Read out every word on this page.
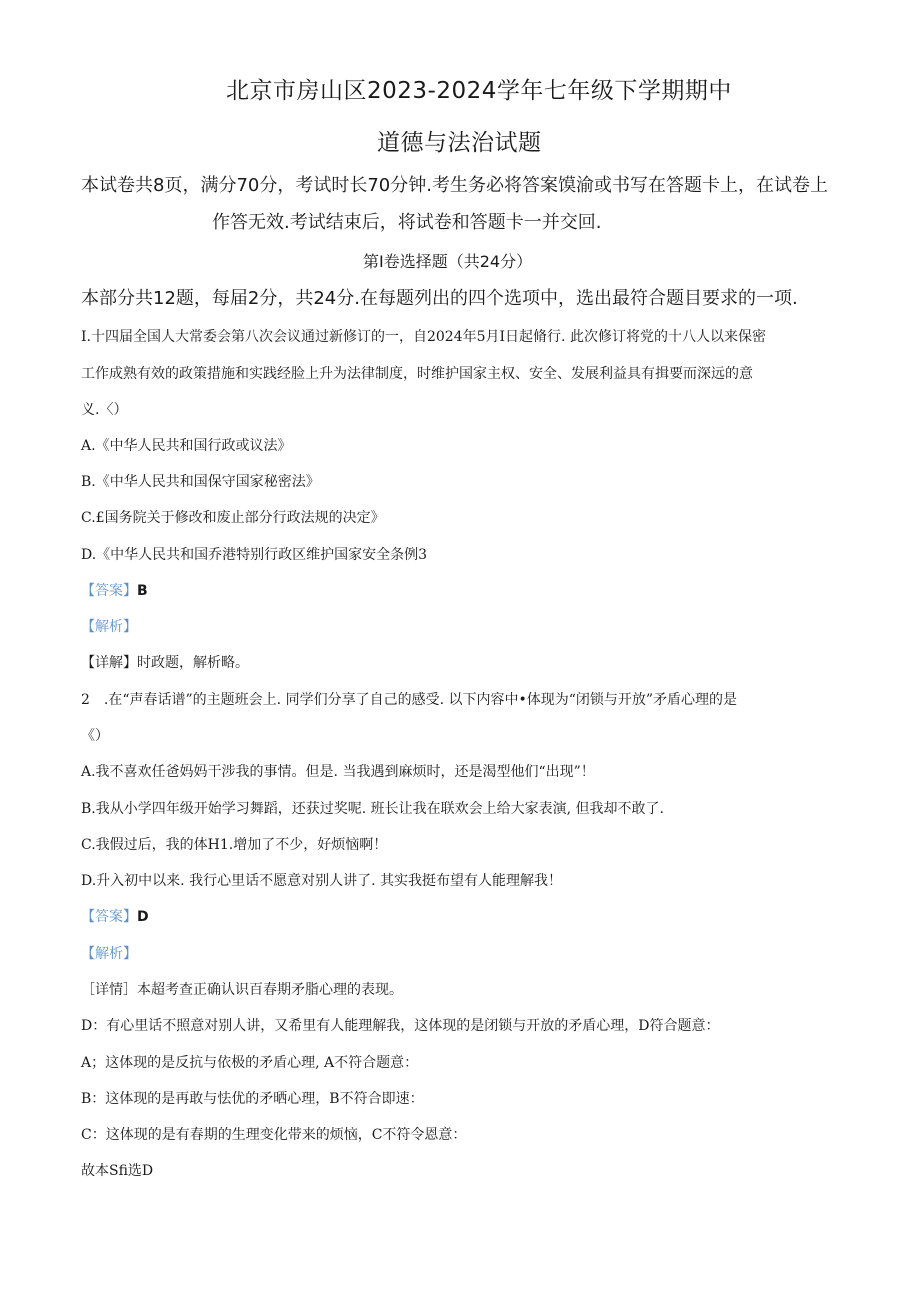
北京市房山区2023-2024学年七年级下学期期中
道德与法治试题
本试卷共8页，满分70分，考试时长70分钟.考生务必将答案馍渝或书写在答题卡上，在试卷上
作答无效.考试结束后，将试卷和答题卡一并交回.
第Ⅰ卷选择题（共24分）
本部分共12题，每届2分，共24分.在每题列出的四个选项中，选出最符合题目要求的一项.
I.十四届全国人大常委会第八次会议通过新修订的一，自2024年5月I日起脩行. 此次修订将党的十八人以来保密
工作成熟有效的政策措施和实践经脸上升为法律制度，时维护国家主权、安全、发展利益具有揖要而深远的意
义.〈）
A.《中华人民共和国行政或议法》
B.《中华人民共和国保守国家秘密法》
C.£国务院关于修改和废止部分行政法规的决定》
D.《中华人民共和国乔港特别行政区维护国家安全条例3
【答案】B
【解析】
【详解】时政题，解析略。
2　.在“声春话谱”的主题班会上. 同学们分享了自己的感受. 以下内容中•体现为“闭锁与开放”矛盾心理的是
《）
A.我不喜欢任爸妈妈干涉我的事情。但是. 当我遇到麻烦时，还是渴型他们“出现”！
B.我从小学四年级开始学习舞蹈，还获过奖呢. 班长让我在联欢会上给大家表演, 但我却不敢了.
C.我假过后，我的体H1.增加了不少，好烦恼啊！
D.升入初中以来. 我行心里话不愿意对别人讲了. 其实我挺布望有人能理解我！
【答案】D
【解析】
［详情］本超考查正确认识百春期矛脂心理的表现。
D：有心里话不照意对别人讲，又希里有人能理解我，这体现的是闭锁与开放的矛盾心理，D符合题意：
A；这体现的是反抗与依极的矛盾心理, A不符合题意：
B：这体现的是再敢与怯优的矛晒心理，B不符合即速：
C：这体现的是有春期的生理变化带来的烦恼，C不符令恩意：
故本Sfi选D
